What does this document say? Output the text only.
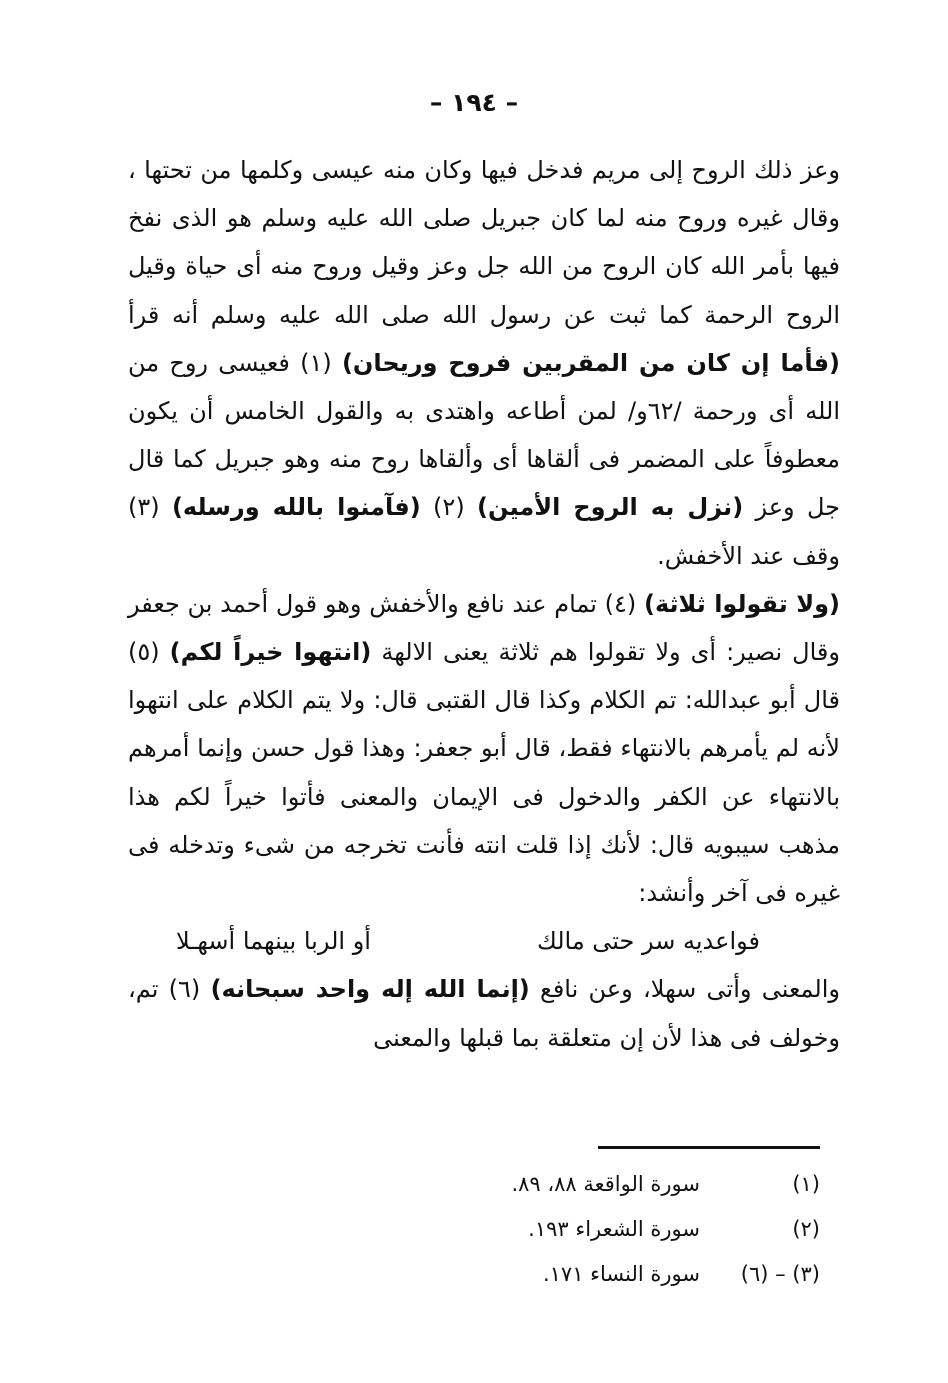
– ١٩٤ –

وعز ذلك الروح إلى مريم فدخل فيها وكان منه عيسى وكلمها من تحتها ، وقال غيره وروح منه لما كان جبريل صلى الله عليه وسلم هو الذى نفخ فيها بأمر الله كان الروح من الله جل وعز وقيل وروح منه أى حياة وقيل الروح الرحمة كما ثبت عن رسول الله صلى الله عليه وسلم أنه قرأ (فأما إن كان من المقربين فروح وريحان) (١) فعيسى روح من الله أى ورحمة /٦٢و/ لمن أطاعه واهتدى به والقول الخامس أن يكون معطوفاً على المضمر فى ألقاها أى وألقاها روح منه وهو جبريل كما قال جل وعز (نزل به الروح الأمين) (٢) (فآمنوا بالله ورسله) (٣) وقف عند الأخفش.

(ولا تقولوا ثلاثة) (٤) تمام عند نافع والأخفش وهو قول أحمد بن جعفر وقال نصير: أى ولا تقولوا هم ثلاثة يعنى الالهة (انتهوا خيراً لكم) (٥) قال أبو عبدالله: تم الكلام وكذا قال القتبى قال: ولا يتم الكلام على انتهوا لأنه لم يأمرهم بالانتهاء فقط، قال أبو جعفر: وهذا قول حسن وإنما أمرهم بالانتهاء عن الكفر والدخول فى الإيمان والمعنى فأتوا خيراً لكم هذا مذهب سيبويه قال: لأنك إذا قلت انته فأنت تخرجه من شىء وتدخله فى غيره فى آخر وأنشد:

فواعديه سر حتى مالك
أو الربا بينهما أسهـلا

والمعنى وأتى سهلا، وعن نافع (إنما الله إله واحد سبحانه) (٦) تم، وخولف فى هذا لأن إن متعلقة بما قبلها والمعنى

(١)
سورة الواقعة ٨٨، ٨٩.
(٢)
سورة الشعراء ١٩٣.
(٣) – (٦)
سورة النساء ١٧١.
